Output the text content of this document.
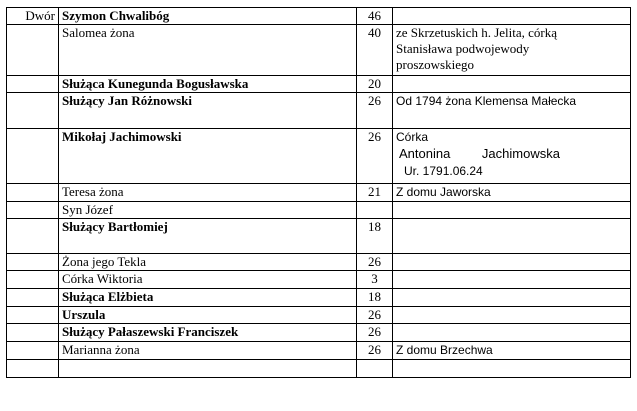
Dwór	Szymon Chwalibóg	46	
	Salomea żona	40	ze Skrzetuskich h. Jelita, córką
Stanisława podwojewody
proszowskiego

	Służąca Kunegunda Bogusławska	20	
	Służący Jan Różnowski	26	Od 1794 żona Klemensa Małecka

	Mikołaj Jachimowski	26	Córka
Antonina Jachimowska
Ur. 1791.06.24

	Teresa żona	21	Z domu Jaworska

	Syn Józef		
	Służący Bartłomiej	18	
	Żona jego Tekla	26	
	Córka Wiktoria	3	
	Służąca Elżbieta	18	
	Urszula	26	
	Służący Pałaszewski Franciszek	26	
	Marianna żona	26	Z domu Brzechwa
